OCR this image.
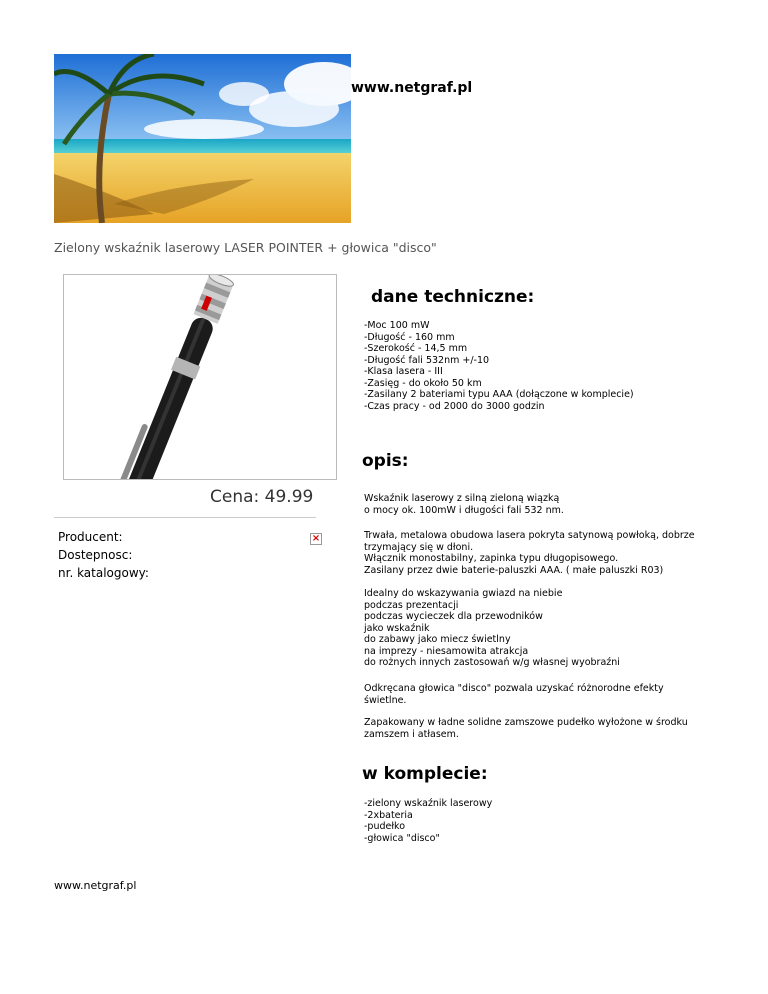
www.netgraf.pl
Zielony wskaźnik laserowy LASER POINTER + głowica "disco"
Cena: 49.99
Producent:
Dostepnosc:
nr. katalogowy:
×
dane techniczne:
-Moc 100 mW
-Długość - 160 mm
-Szerokość - 14,5 mm
-Długość fali 532nm +/-10
-Klasa lasera - III
-Zasięg - do około 50 km
-Zasilany 2 bateriami typu AAA (dołączone w komplecie)
-Czas pracy - od 2000 do 3000 godzin
opis:
Wskaźnik laserowy z silną zieloną wiązką
o mocy ok. 100mW i długości fali 532 nm.
Trwała, metalowa obudowa lasera pokryta satynową powłoką, dobrze
trzymający się w dłoni.
Włącznik monostabilny, zapinka typu długopisowego.
Zasilany przez dwie baterie-paluszki AAA. ( małe paluszki R03)
Idealny do wskazywania gwiazd na niebie
podczas prezentacji
podczas wycieczek dla przewodników
jako wskaźnik
do zabawy jako miecz świetlny
na imprezy - niesamowita atrakcja
do rożnych innych zastosowań w/g własnej wyobraźni
Odkręcana głowica "disco" pozwala uzyskać różnorodne efekty
świetlne.
Zapakowany w ładne solidne zamszowe pudełko wyłożone w środku
zamszem i atłasem.
w komplecie:
-zielony wskaźnik laserowy
-2xbateria
-pudełko
-głowica "disco"
www.netgraf.pl
